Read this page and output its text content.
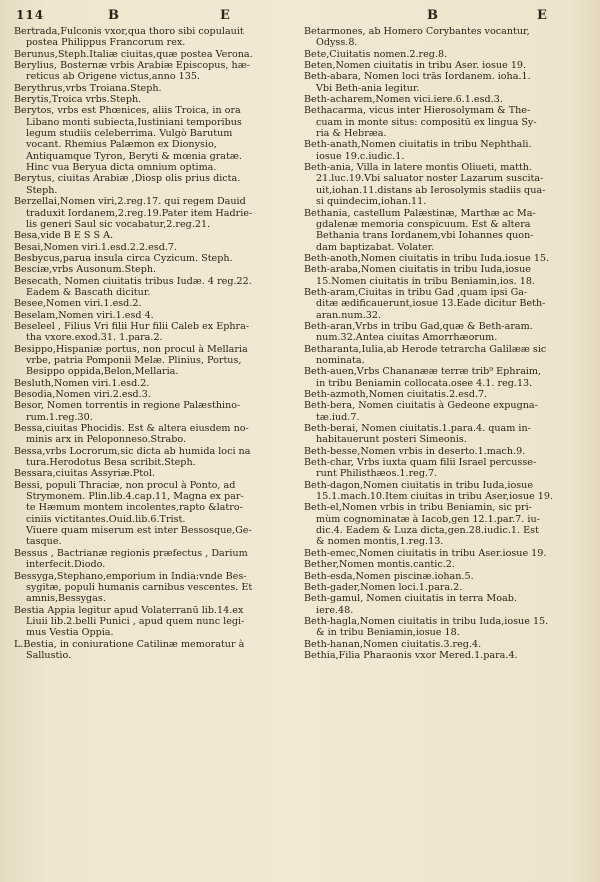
114	B	E	B	E
Bertrada,Fulconis vxor,qua thoro sibi copulauit
postea Philippus Francorum rex.
Berunus,Steph.Italiæ ciuitas,quæ postea Verona.
Berylius, Bosternæ vrbis Arabiæ Episcopus, hæ-
reticus ab Origene victus,anno 135.
Berythrus,vrbs Troiana.Steph.
Berytis,Troica vrbs.Steph.
Berytos, vrbs est Phœnices, aliis Troica, in ora
Libano monti subiecta,Iustiniani temporibus
legum studiis celeberrima. Vulgò Barutum
vocant. Rhemius Palæmon ex Dionysio,
Antiquamque Tyron, Beryti & mœnia gratæ.
Hinc vua Beryua dicta omnium optima.
Berytus, ciuitas Arabiæ ,Diosp olis prius dicta.
Steph.
Berzellai,Nomen viri,2.reg.17. qui regem Dauid
traduxit Iordanem,2.reg.19.Pater item Hadrie-
lis generi Saul sic vocabatur,2.reg.21.
Besa,vide B E S S A.
Besai,Nomen viri.1.esd.2.2.esd.7.
Besbycus,parua insula circa Cyzicum. Steph.
Besciæ,vrbs Ausonum.Steph.
Besecath, Nomen ciuitatis tribus Iudæ. 4 reg.22.
Eadem & Bascath dicitur.
Besee,Nomen viri.1.esd.2.
Beselam,Nomen viri.1.esd 4.
Beseleel , Filius Vri filii Hur filii Caleb ex Ephra-
tha vxore.exod.31. 1.para.2.
Besippo,Hispaniæ portus, non procul à Mellaria
vrbe, patria Pomponii Melæ. Plinius, Portus,
Besippo oppida,Belon,Mellaria.
Besluth,Nomen viri.1.esd.2.
Besodia,Nomen viri.2.esd.3.
Besor, Nomen torrentis in regione Palæsthino-
rum.1.reg.30.
Bessa,ciuitas Phocidis. Est & altera eiusdem no-
minis arx in Peloponneso.Strabo.
Bessa,vrbs Locrorum,sic dicta ab humida loci na
tura.Herodotus Besa scribit.Steph.
Bessara,ciuitas Assyriæ.Ptol.
Bessi, populi Thraciæ, non procul à Ponto, ad
Strymonem. Plin.lib.4.cap.11, Magna ex par-
te Hæmum montem incolentes,rapto &latro-
ciniis victitantes.Ouid.lib.6.Trist.
Viuere quam miserum est inter Bessosque,Ge-
tasque.
Bessus , Bactrianæ regionis præfectus , Darium
interfecit.Diodo.
Bessyga,Stephano,emporium in India:vnde Bes-
sygitæ, populi humanis carnibus vescentes. Et
amnis,Bessygas.
Bestia Appia legitur apud Volaterranū lib.14.ex
Liuii lib.2.belli Punici , apud quem nunc legi-
mus Vestia Oppia.
L.Bestia, in coniuratione Catilinæ memoratur à
Sallustio.
Betarmones, ab Homero Corybantes vocantur,
Odyss.8.
Bete,Ciuitatis nomen.2.reg.8.
Beten,Nomen ciuitatis in tribu Aser. iosue 19.
Beth-abara, Nomen loci trās Iordanem. ioha.1.
Vbi Beth-ania legitur.
Beth-acharem,Nomen vici.iere.6.1.esd.3.
Bethacarma, vicus inter Hierosolymam & The-
cuam in monte situs: compositū ex lingua Sy-
ria & Hebræa.
Beth-anath,Nomen ciuitatis in tribu Nephthali.
iosue 19.c.iudic.1.
Beth-ania, Villa in latere montis Oliueti, matth.
21.luc.19.Vbi saluator noster Lazarum suscita-
uit,iohan.11.distans ab Ierosolymis stadiis qua-
si quindecim,iohan.11.
Bethania, castellum Palæstinæ, Marthæ ac Ma-
gdalenæ memoria conspicuum. Est & altera
Bethania trans Iordanem,vbi Iohannes quon-
dam baptizabat. Volater.
Beth-anoth,Nomen ciuitatis in tribu Iuda.iosue 15.
Beth-araba,Nomen ciuitatis in tribu Iuda,iosue
15.Nomen ciuitatis in tribu Beniamin,ios. 18.
Beth-aram,Ciuitas in tribu Gad ,quam ipsi Ga-
ditæ ædificauerunt,iosue 13.Eade dicitur Beth-
aran.num.32.
Beth-aran,Vrbs in tribu Gad,quæ & Beth-aram.
num.32.Antea ciuitas Amorrhæorum.
Betharanta,Iulia,ab Herode tetrarcha Galilææ sic
nominata.
Beth-auen,Vrbs Chananææ terræ trib⁹ Ephraim,
in tribu Beniamin collocata.osee 4.1. reg.13.
Beth-azmoth,Nomen ciuitatis.2.esd.7.
Beth-bera, Nomen ciuitatis à Gedeone expugna-
tæ.iud.7.
Beth-berai, Nomen ciuitatis.1.para.4. quam in-
habitauerunt posteri Simeonis.
Beth-besse,Nomen vrbis in deserto.1.mach.9.
Beth-char, Vrbs iuxta quam filii Israel percusse-
runt Philisthæos.1.reg.7.
Beth-dagon,Nomen ciuitatis in tribu Iuda,iosue
15.1.mach.10.Item ciuitas in tribu Aser,iosue 19.
Beth-el,Nomen vrbis in tribu Beniamin, sic pri-
mùm cognominatæ à Iacob,gen 12.1.par.7. iu-
dic.4. Eadem & Luza dicta,gen.28.iudic.1. Est
& nomen montis,1.reg.13.
Beth-emec,Nomen ciuitatis in tribu Aser.iosue 19.
Bether,Nomen montis.cantic.2.
Beth-esda,Nomen piscinæ.iohan.5.
Beth-gader,Nomen loci.1.para.2.
Beth-gamul, Nomen ciuitatis in terra Moab.
iere.48.
Beth-hagla,Nomen ciuitatis in tribu Iuda,iosue 15.
& in tribu Beniamin,iosue 18.
Beth-hanan,Nomen ciuitatis.3.reg.4.
Bethia,Filia Pharaonis vxor Mered.1.para.4.
